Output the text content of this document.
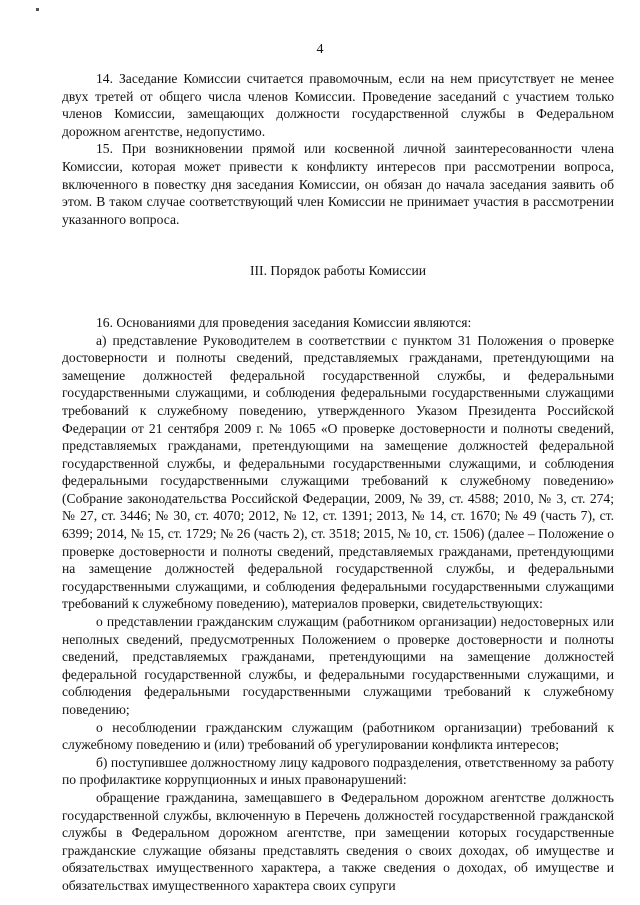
4

14. Заседание Комиссии считается правомочным, если на нем присутствует не менее двух третей от общего числа членов Комиссии. Проведение заседаний с участием только членов Комиссии, замещающих должности государственной службы в Федеральном дорожном агентстве, недопустимо.

15. При возникновении прямой или косвенной личной заинтересованности члена Комиссии, которая может привести к конфликту интересов при рассмотрении вопроса, включенного в повестку дня заседания Комиссии, он обязан до начала заседания заявить об этом. В таком случае соответствующий член Комиссии не принимает участия в рассмотрении указанного вопроса.

III. Порядок работы Комиссии

16. Основаниями для проведения заседания Комиссии являются:

а) представление Руководителем в соответствии с пунктом 31 Положения о проверке достоверности и полноты сведений, представляемых гражданами, претендующими на замещение должностей федеральной государственной службы, и федеральными государственными служащими, и соблюдения федеральными государственными служащими требований к служебному поведению, утвержденного Указом Президента Российской Федерации от 21 сентября 2009 г. № 1065 «О проверке достоверности и полноты сведений, представляемых гражданами, претендующими на замещение должностей федеральной государственной службы, и федеральными государственными служащими, и соблюдения федеральными государственными служащими требований к служебному поведению» (Собрание законодательства Российской Федерации, 2009, № 39, ст. 4588; 2010, № 3, ст. 274; № 27, ст. 3446; № 30, ст. 4070; 2012, № 12, ст. 1391; 2013, № 14, ст. 1670; № 49 (часть 7), ст. 6399; 2014, № 15, ст. 1729; № 26 (часть 2), ст. 3518; 2015, № 10, ст. 1506) (далее – Положение о проверке достоверности и полноты сведений, представляемых гражданами, претендующими на замещение должностей федеральной государственной службы, и федеральными государственными служащими, и соблюдения федеральными государственными служащими требований к служебному поведению), материалов проверки, свидетельствующих:

о представлении гражданским служащим (работником организации) недостоверных или неполных сведений, предусмотренных Положением о проверке достоверности и полноты сведений, представляемых гражданами, претендующими на замещение должностей федеральной государственной службы, и федеральными государственными служащими, и соблюдения федеральными государственными служащими требований к служебному поведению;

о несоблюдении гражданским служащим (работником организации) требований к служебному поведению и (или) требований об урегулировании конфликта интересов;

б) поступившее должностному лицу кадрового подразделения, ответственному за работу по профилактике коррупционных и иных правонарушений:

обращение гражданина, замещавшего в Федеральном дорожном агентстве должность государственной службы, включенную в Перечень должностей государственной гражданской службы в Федеральном дорожном агентстве, при замещении которых государственные гражданские служащие обязаны представлять сведения о своих доходах, об имуществе и обязательствах имущественного характера, а также сведения о доходах, об имуществе и обязательствах имущественного характера своих супруги
